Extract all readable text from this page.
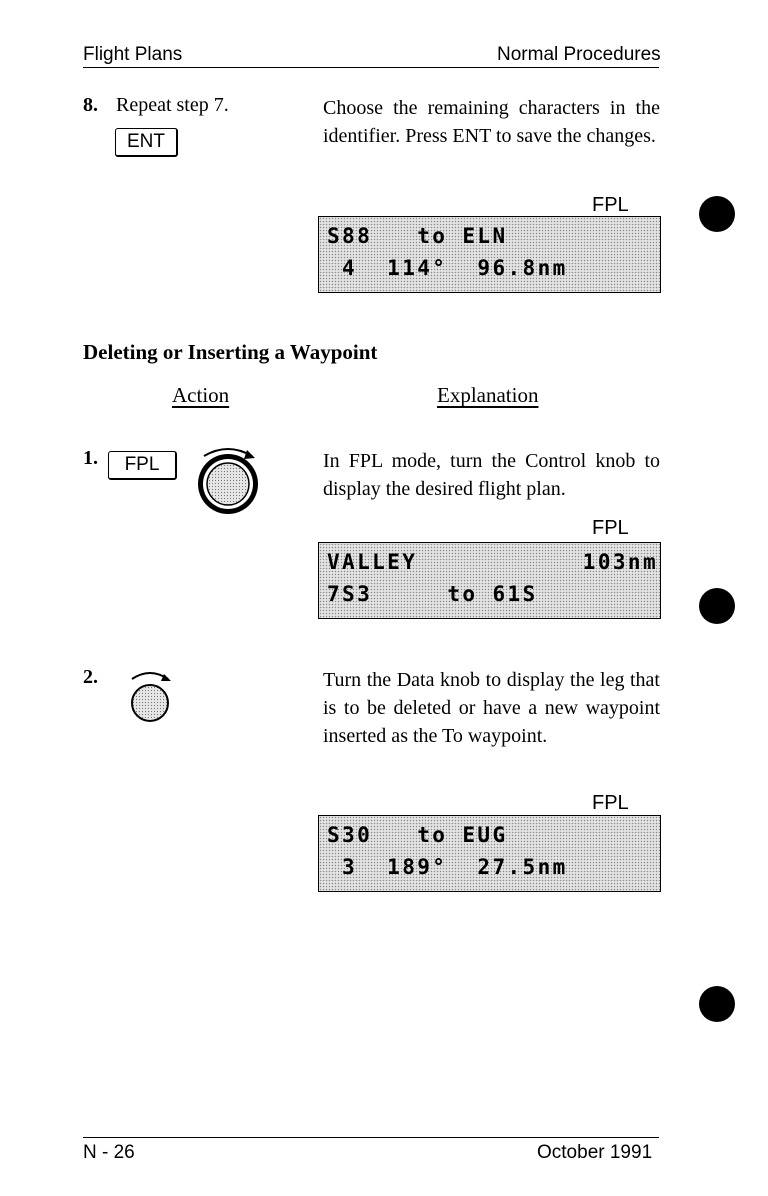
Flight Plans	Normal Procedures
8. Repeat step 7.
ENT
Choose the remaining characters in the identifier. Press ENT to save the changes.
FPL
S88   to ELN
4  114°  96.8nm
Deleting or Inserting a Waypoint
Action	Explanation
1.	FPL	In FPL mode, turn the Control knob to display the desired flight plan.
FPL
VALLEY	103nm
7S3     to 61S
2.	Turn the Data knob to display the leg that is to be deleted or have a new waypoint inserted as the To waypoint.
FPL
S30   to EUG
3  189°  27.5nm
N - 26	October 1991
